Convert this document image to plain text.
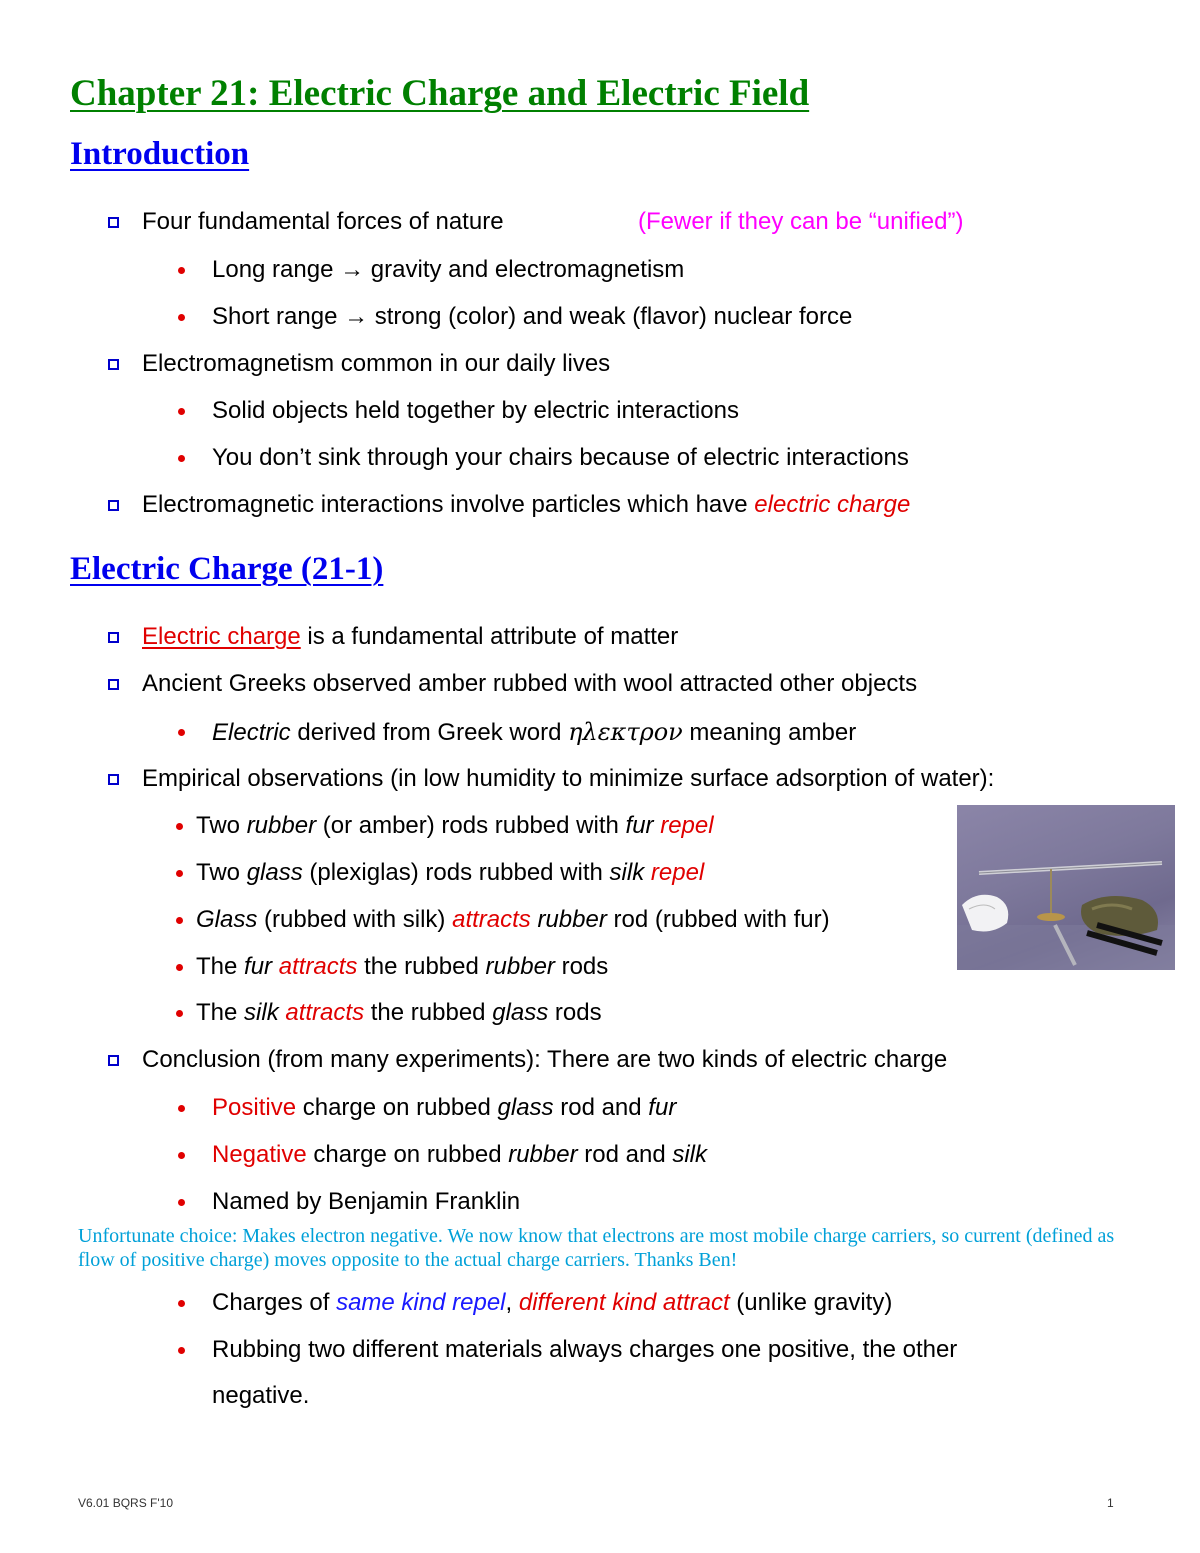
Chapter 21: Electric Charge and Electric Field
Introduction
Four fundamental forces of nature	(Fewer if they can be “unified”)
Long range → gravity and electromagnetism
Short range → strong (color) and weak (flavor) nuclear force
Electromagnetism common in our daily lives
Solid objects held together by electric interactions
You don’t sink through your chairs because of electric interactions
Electromagnetic interactions involve particles which have electric charge
Electric Charge (21-1)
Electric charge is a fundamental attribute of matter
Ancient Greeks observed amber rubbed with wool attracted other objects
Electric derived from Greek word ηλεκτρον meaning amber
Empirical observations (in low humidity to minimize surface adsorption of water):
Two rubber (or amber) rods rubbed with fur repel
Two glass (plexiglas) rods rubbed with silk repel
Glass (rubbed with silk) attracts rubber rod (rubbed with fur)
The fur attracts the rubbed rubber rods
The silk attracts the rubbed glass rods
Conclusion (from many experiments): There are two kinds of electric charge
Positive charge on rubbed glass rod and fur
Negative charge on rubbed rubber rod and silk
Named by Benjamin Franklin
Unfortunate choice: Makes electron negative. We now know that electrons are most mobile charge carriers, so current (defined as flow of positive charge) moves opposite to the actual charge carriers. Thanks Ben!
Charges of same kind repel, different kind attract (unlike gravity)
Rubbing two different materials always charges one positive, the other
negative.
V6.01 BQRS F'10	1
